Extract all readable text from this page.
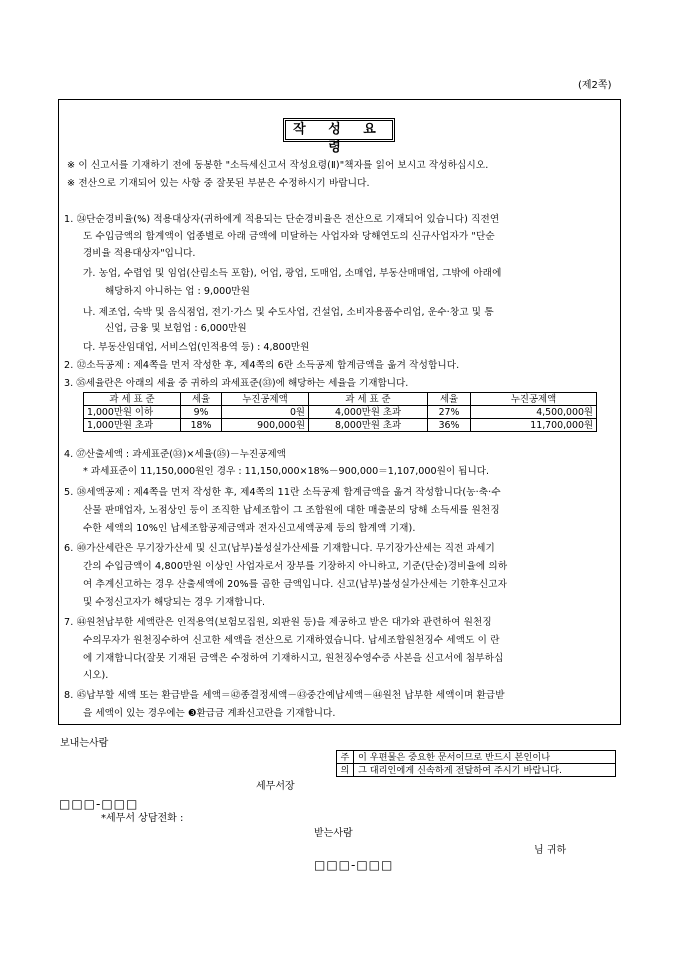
(제2쪽)
작 성 요 령
※ 이 신고서를 기재하기 전에 동봉한 "소득세신고서 작성요령(Ⅱ)"책자를 읽어 보시고 작성하십시오.
※ 전산으로 기재되어 있는 사항 중 잘못된 부분은 수정하시기 바랍니다.
1. ㉔단순경비율(%) 적용대상자(귀하에게 적용되는 단순경비율은 전산으로 기재되어 있습니다) 직전연
도 수입금액의 합계액이 업종별로 아래 금액에 미달하는 사업자와 당해연도의 신규사업자가 "단순
경비율 적용대상자"입니다.
가. 농업, 수렵업 및 임업(산림소득 포함), 어업, 광업, 도매업, 소매업, 부동산매매업, 그밖에 아래에
해당하지 아니하는 업 : 9,000만원
나. 제조업, 숙박 및 음식점업, 전기·가스 및 수도사업, 건설업, 소비자용품수리업, 운수·창고 및 통
신업, 금융 및 보험업 : 6,000만원
다. 부동산임대업, 서비스업(인적용역 등) : 4,800만원
2. ㉜소득공제 : 제4쪽을 먼저 작성한 후, 제4쪽의 6란 소득공제 합계금액을 옮겨 작성합니다.
3. ㉟세율란은 아래의 세율 중 귀하의 과세표준(㉝)에 해당하는 세율을 기재합니다.
과 세 표 준	세율	누진공제액	과 세 표 준	세율	누진공제액
1,000만원 이하	9%	0원	4,000만원 초과	27%	4,500,000원
1,000만원 초과	18%	900,000원	8,000만원 초과	36%	11,700,000원
4. ㊲산출세액 : 과세표준(㉝)×세율(㉟)－누진공제액
* 과세표준이 11,150,000원인 경우 : 11,150,000×18%－900,000＝1,107,000원이 됩니다.
5. ㊳세액공제 : 제4쪽을 먼저 작성한 후, 제4쪽의 11란 소득공제 합계금액을 옮겨 작성합니다(농·축·수
산물 판매업자, 노점상인 등이 조직한 납세조합이 그 조합원에 대한 매출분의 당해 소득세를 원천징
수한 세액의 10%인 납세조합공제금액과 전자신고세액공제 등의 합계액 기재).
6. ㊵가산세란은 무기장가산세 및 신고(납부)불성실가산세를 기재합니다. 무기장가산세는 직전 과세기
간의 수입금액이 4,800만원 이상인 사업자로서 장부를 기장하지 아니하고, 기준(단순)경비율에 의하
여 추계신고하는 경우 산출세액에 20%를 곱한 금액입니다. 신고(납부)불성실가산세는 기한후신고자
및 수정신고자가 해당되는 경우 기재합니다.
7. ㊹원천납부한 세액란은 인적용역(보험모집원, 외판원 등)을 제공하고 받은 대가와 관련하여 원천징
수의무자가 원천징수하여 신고한 세액을 전산으로 기재하였습니다. 납세조합원천징수 세액도 이 란
에 기재합니다(잘못 기재된 금액은 수정하여 기재하시고, 원천징수영수증 사본을 신고서에 첨부하십
시오).
8. ㊺납부할 세액 또는 환급받을 세액＝㊷종결정세액－㊸중간예납세액－㊹원천 납부한 세액이며 환급받
을 세액이 있는 경우에는 ❸환급금 계좌신고란을 기재합니다.
보내는사람
주	이 우편물은 중요한 문서이므로 반드시 본인이나
의	그 대리인에게 신속하게 전달하여 주시기 바랍니다.
세무서장
□□□-□□□
*세무서 상담전화 :
받는사람
님 귀하
□□□-□□□
